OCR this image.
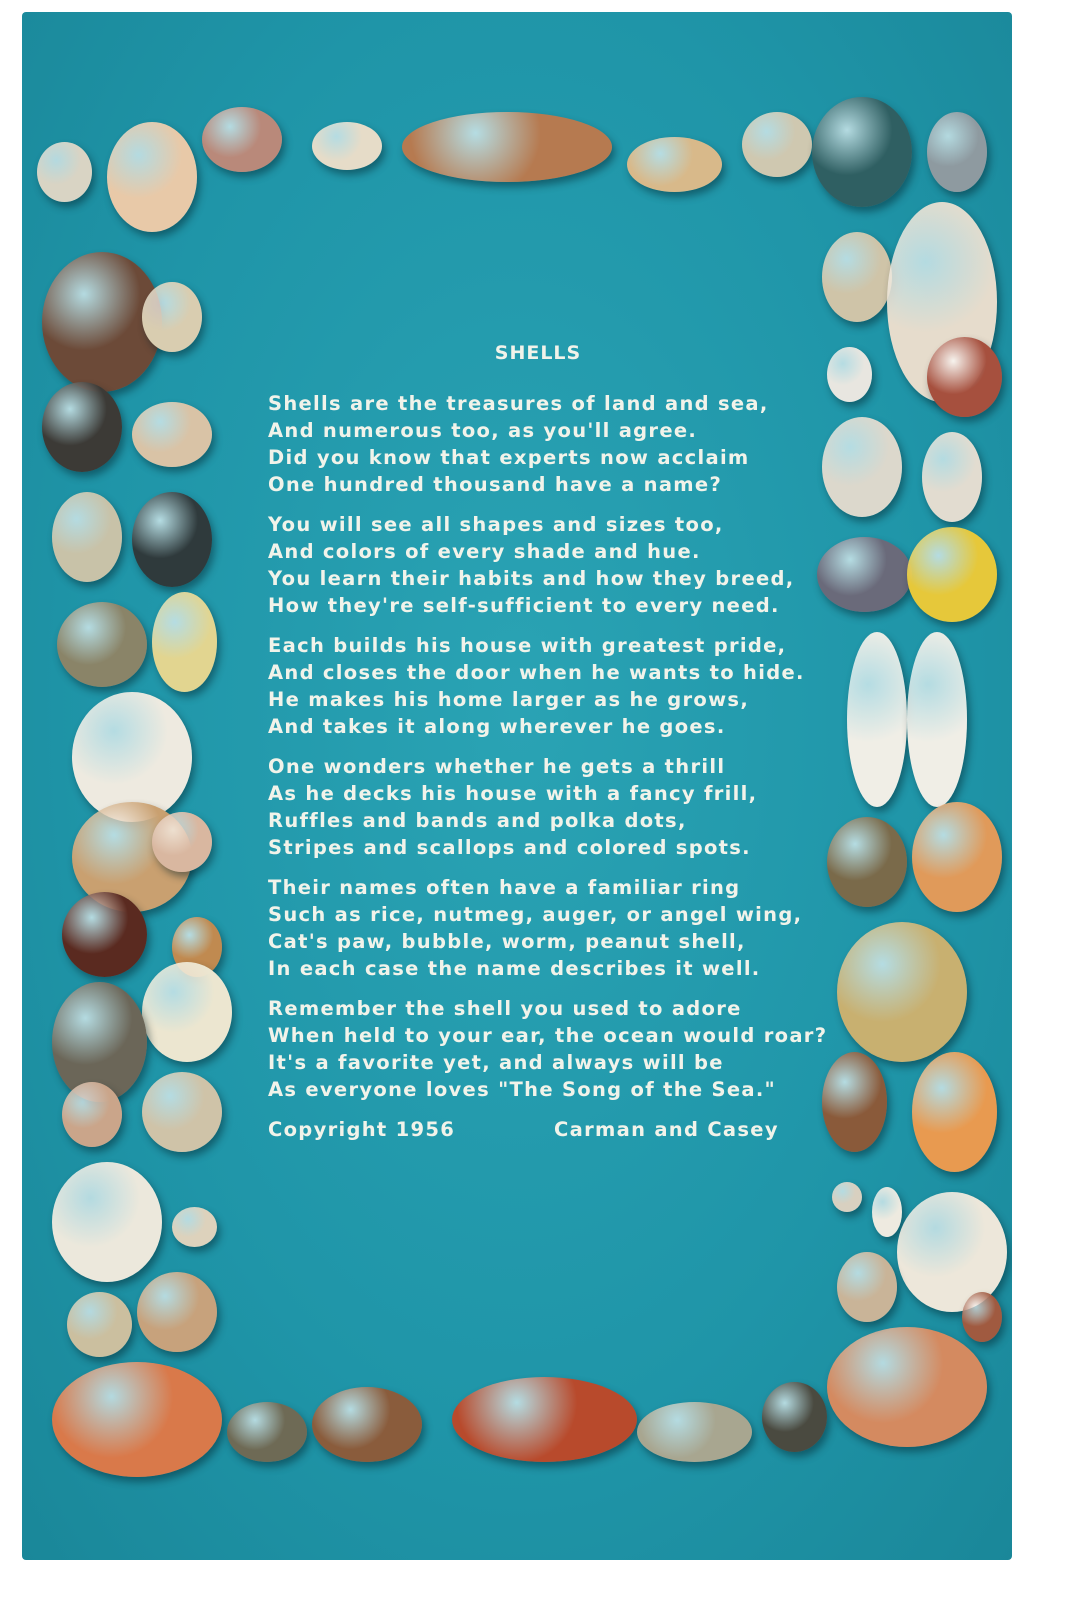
SHELLS
Shells are the treasures of land and sea,
And numerous too, as you'll agree.
Did you know that experts now acclaim
One hundred thousand have a name?
You will see all shapes and sizes too,
And colors of every shade and hue.
You learn their habits and how they breed,
How they're self-sufficient to every need.
Each builds his house with greatest pride,
And closes the door when he wants to hide.
He makes his home larger as he grows,
And takes it along wherever he goes.
One wonders whether he gets a thrill
As he decks his house with a fancy frill,
Ruffles and bands and polka dots,
Stripes and scallops and colored spots.
Their names often have a familiar ring
Such as rice, nutmeg, auger, or angel wing,
Cat's paw, bubble, worm, peanut shell,
In each case the name describes it well.
Remember the shell you used to adore
When held to your ear, the ocean would roar?
It's a favorite yet, and always will be
As everyone loves "The Song of the Sea."
Copyright 1956	Carman and Casey
